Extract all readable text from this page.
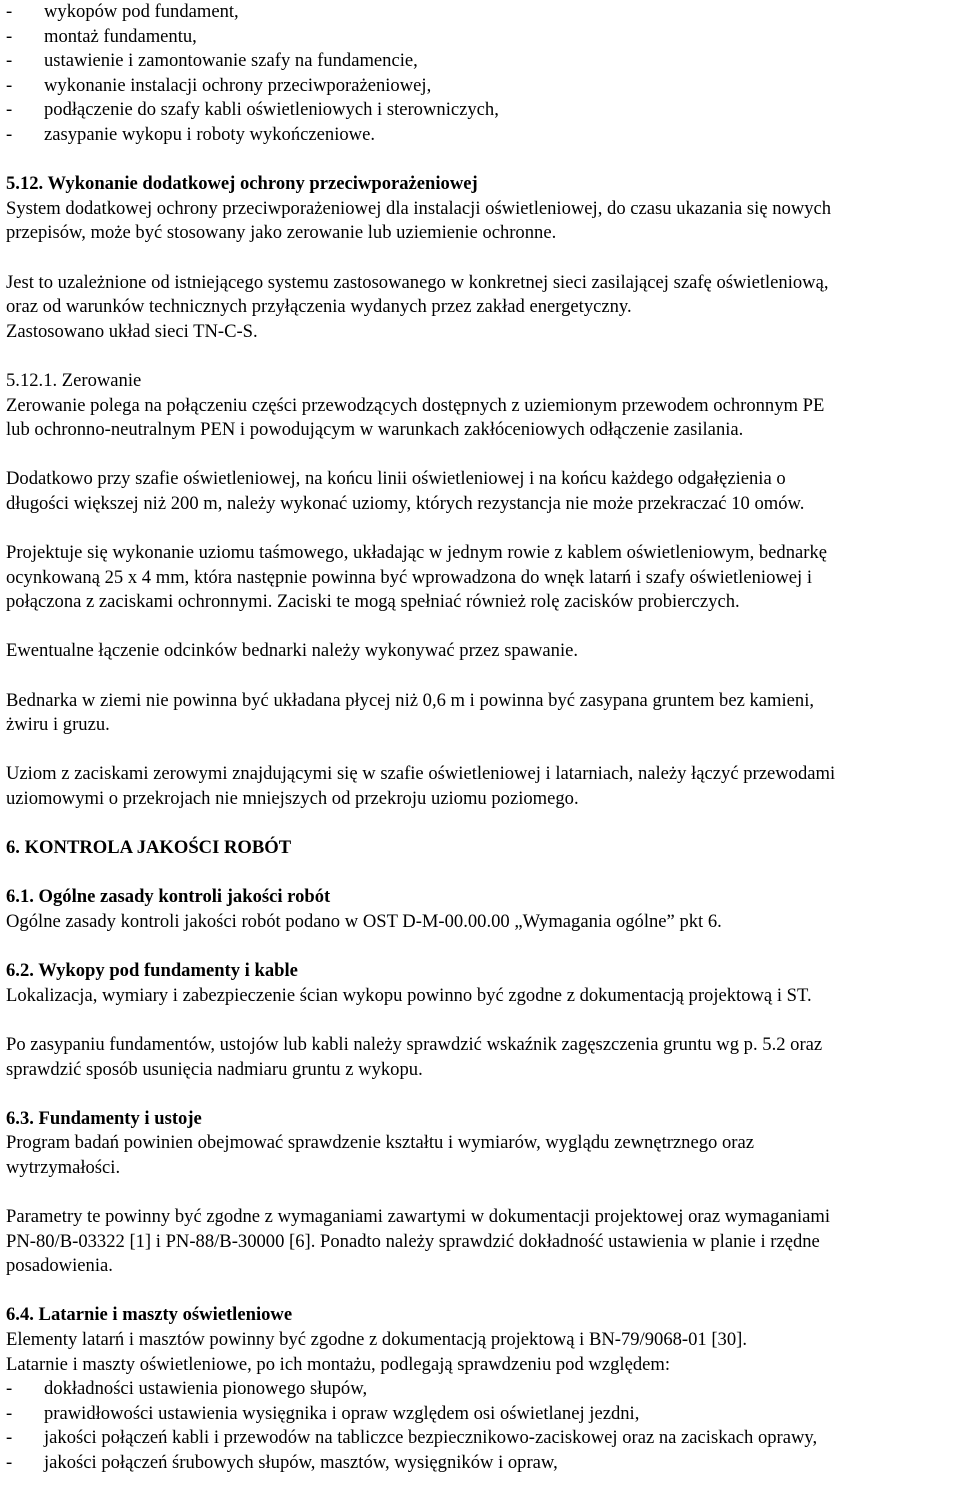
-	wykopów pod fundament,
-	montaż fundamentu,
-	ustawienie i zamontowanie szafy na fundamencie,
-	wykonanie instalacji ochrony przeciwporażeniowej,
-	podłączenie do szafy kabli oświetleniowych i sterowniczych,
-	zasypanie wykopu i roboty wykończeniowe.
5.12. Wykonanie dodatkowej ochrony przeciwporażeniowej
System dodatkowej ochrony przeciwporażeniowej dla instalacji oświetleniowej, do czasu ukazania się nowych
przepisów, może być stosowany jako zerowanie lub uziemienie ochronne.
Jest to uzależnione od istniejącego systemu zastosowanego w konkretnej sieci zasilającej szafę oświetleniową,
oraz od warunków technicznych przyłączenia wydanych przez zakład energetyczny.
Zastosowano układ sieci TN-C-S.
5.12.1. Zerowanie
Zerowanie polega na połączeniu części przewodzących dostępnych z uziemionym przewodem ochronnym PE
lub ochronno-neutralnym PEN i powodującym w warunkach zakłóceniowych odłączenie zasilania.
Dodatkowo przy szafie oświetleniowej, na końcu linii oświetleniowej i na końcu każdego odgałęzienia o
długości większej niż 200 m, należy wykonać uziomy, których rezystancja nie może przekraczać 10 omów.
Projektuje się wykonanie uziomu taśmowego, układając w jednym rowie z kablem oświetleniowym, bednarkę
ocynkowaną 25 x 4 mm, która następnie powinna być wprowadzona do wnęk latarń i szafy oświetleniowej i
połączona z zaciskami ochronnymi. Zaciski te mogą spełniać również rolę zacisków probierczych.
Ewentualne łączenie odcinków bednarki należy wykonywać przez spawanie.
Bednarka w ziemi nie powinna być układana płycej niż 0,6 m i powinna być zasypana gruntem bez kamieni,
żwiru i gruzu.
Uziom z zaciskami zerowymi znajdującymi się w szafie oświetleniowej i latarniach, należy łączyć przewodami
uziomowymi o przekrojach nie mniejszych od przekroju uziomu poziomego.
6. KONTROLA JAKOŚCI ROBÓT
6.1. Ogólne zasady kontroli jakości robót
Ogólne zasady kontroli jakości robót podano w OST D-M-00.00.00 „Wymagania ogólne” pkt 6.
6.2. Wykopy pod fundamenty i kable
Lokalizacja, wymiary i zabezpieczenie ścian wykopu powinno być zgodne z dokumentacją projektową i ST.
Po zasypaniu fundamentów, ustojów lub kabli należy sprawdzić wskaźnik zagęszczenia gruntu wg p. 5.2 oraz
sprawdzić sposób usunięcia nadmiaru gruntu z wykopu.
6.3. Fundamenty i ustoje
Program badań powinien obejmować sprawdzenie kształtu i wymiarów, wyglądu zewnętrznego oraz
wytrzymałości.
Parametry te powinny być zgodne z wymaganiami zawartymi w dokumentacji projektowej oraz wymaganiami
PN-80/B-03322 [1] i PN-88/B-30000 [6]. Ponadto należy sprawdzić dokładność ustawienia w planie i rzędne
posadowienia.
6.4. Latarnie i maszty oświetleniowe
Elementy latarń i masztów powinny być zgodne z dokumentacją projektową i BN-79/9068-01 [30].
Latarnie i maszty oświetleniowe, po ich montażu, podlegają sprawdzeniu pod względem:
-	dokładności ustawienia pionowego słupów,
-	prawidłowości ustawienia wysięgnika i opraw względem osi oświetlanej jezdni,
-	jakości połączeń kabli i przewodów na tabliczce bezpiecznikowo-zaciskowej oraz na zaciskach oprawy,
-	jakości połączeń śrubowych słupów, masztów, wysięgników i opraw,
